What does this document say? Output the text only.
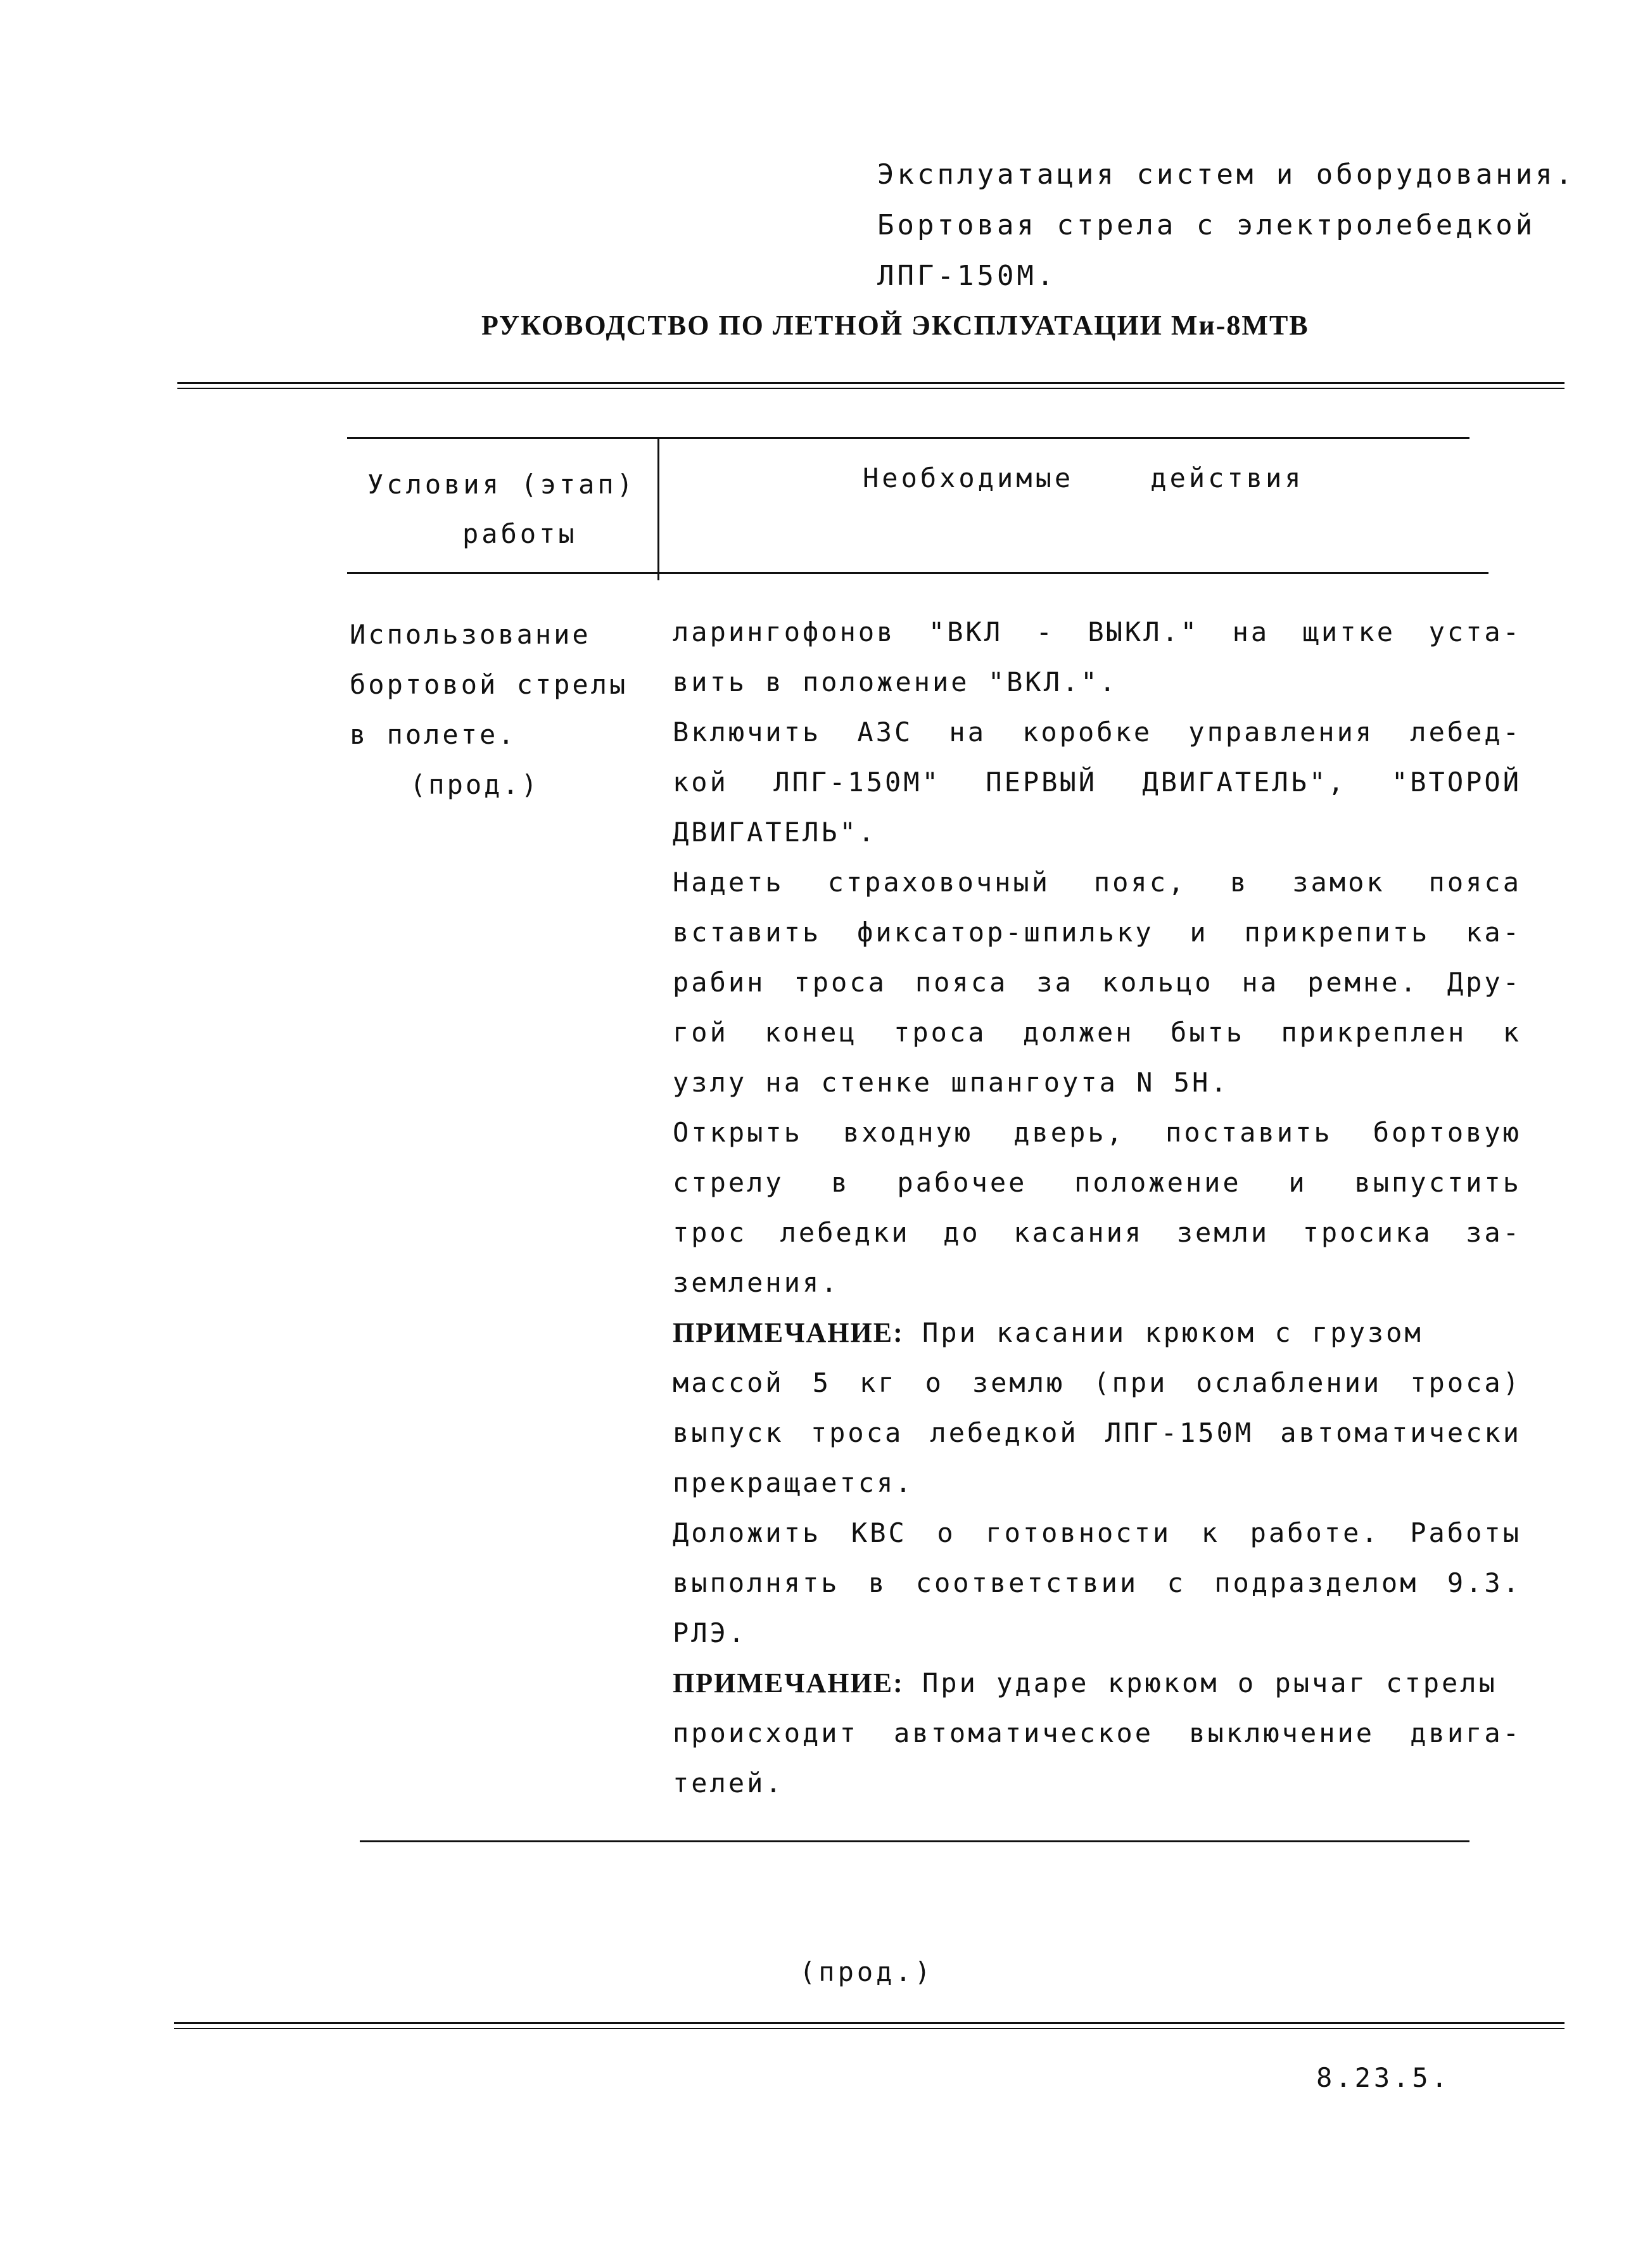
Эксплуатация систем и оборудования.
Бортовая стрела с электролебедкой
ЛПГ-150М.
РУКОВОДСТВО ПО ЛЕТНОЙ ЭКСПЛУАТАЦИИ Ми-8МТВ
Условия (этап)
работы
Необходимые    действия
Использование
бортовой стрелы
в полете.
(прод.)
ларингофонов "ВКЛ - ВЫКЛ." на щитке уста-
вить в положение "ВКЛ.".
Включить АЗС на коробке управления лебед-
кой ЛПГ-150М" ПЕРВЫЙ ДВИГАТЕЛЬ", "ВТОРОЙ
ДВИГАТЕЛЬ".
Надеть страховочный пояс, в замок пояса
вставить фиксатор-шпильку и прикрепить ка-
рабин троса пояса за кольцо на ремне. Дру-
гой конец троса должен быть прикреплен к
узлу на стенке шпангоута N 5Н.
Открыть входную дверь, поставить бортовую
стрелу в рабочее положение и выпустить
трос лебедки до касания земли тросика за-
земления.
ПРИМЕЧАНИЕ: При касании крюком с грузом
массой 5 кг о землю (при ослаблении троса)
выпуск троса лебедкой ЛПГ-150М автоматически
прекращается.
Доложить КВС о готовности к работе. Работы
выполнять в соответствии с подразделом 9.3.
РЛЭ.
ПРИМЕЧАНИЕ: При ударе крюком о рычаг стрелы
происходит автоматическое выключение двига-
телей.
(прод.)
8.23.5.
